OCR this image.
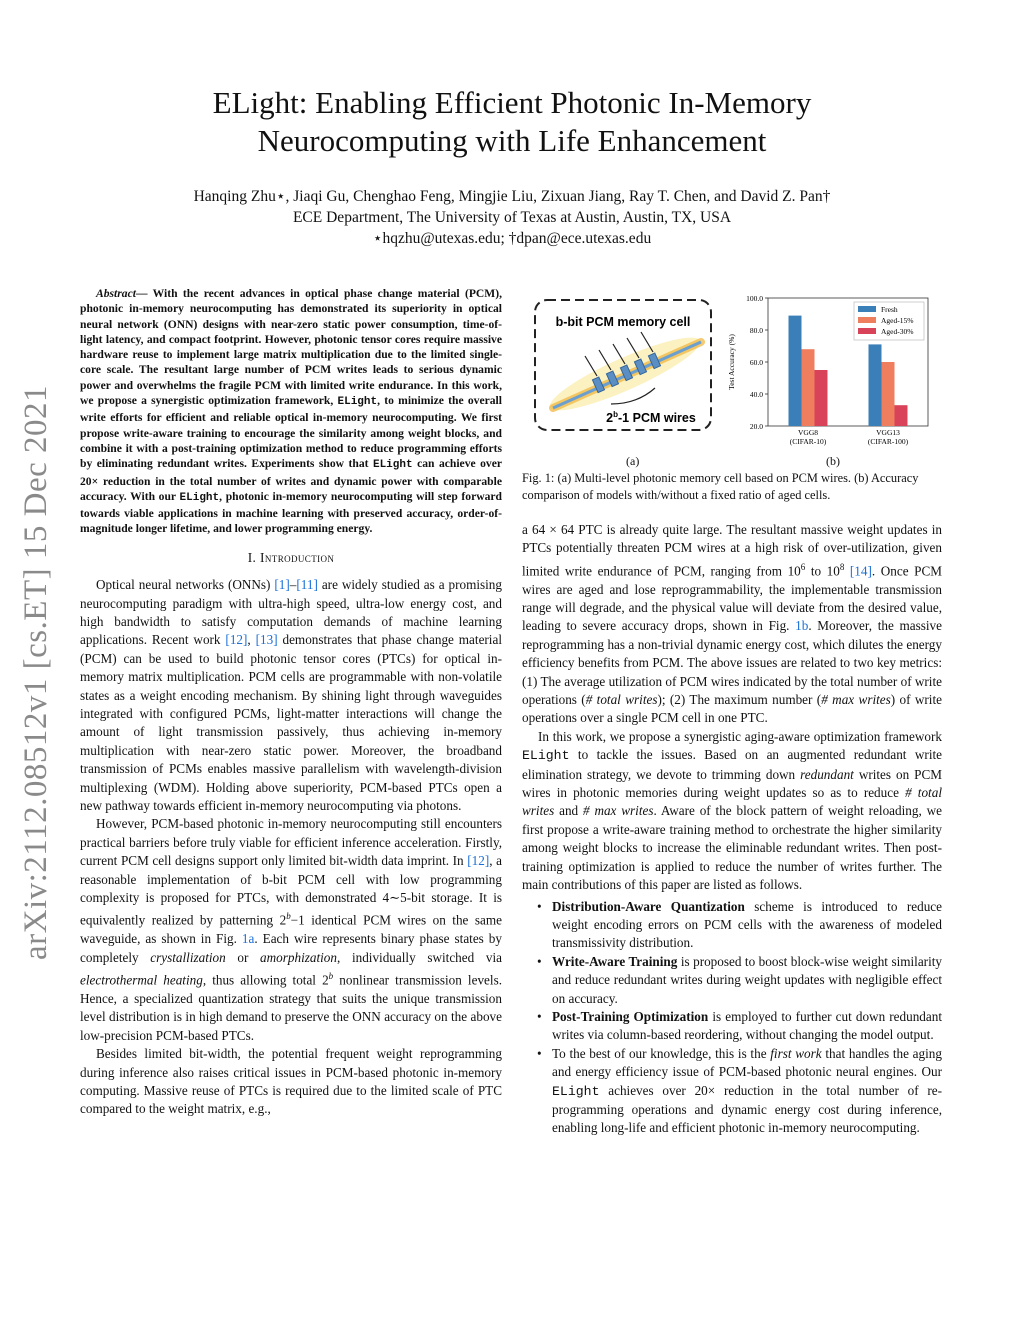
arXiv:2112.08512v1 [cs.ET] 15 Dec 2021
ELight: Enabling Efficient Photonic In-Memory
Neurocomputing with Life Enhancement
Hanqing Zhu⋆, Jiaqi Gu, Chenghao Feng, Mingjie Liu, Zixuan Jiang, Ray T. Chen, and David Z. Pan†
ECE Department, The University of Texas at Austin, Austin, TX, USA
⋆hqzhu@utexas.edu; †dpan@ece.utexas.edu

Abstract— With the recent advances in optical phase change material (PCM), photonic in-memory neurocomputing has demonstrated its superiority in optical neural network (ONN) designs with near-zero static power consumption, time-of-light latency, and compact footprint. However, photonic tensor cores require massive hardware reuse to implement large matrix multiplication due to the limited single-core scale. The resultant large number of PCM writes leads to serious dynamic power and overwhelms the fragile PCM with limited write endurance. In this work, we propose a synergistic optimization framework, ELight, to minimize the overall write efforts for efficient and reliable optical in-memory neurocomputing. We first propose write-aware training to encourage the similarity among weight blocks, and combine it with a post-training optimization method to reduce programming efforts by eliminating redundant writes. Experiments show that ELight can achieve over 20× reduction in the total number of writes and dynamic power with comparable accuracy. With our ELight, photonic in-memory neurocomputing will step forward towards viable applications in machine learning with preserved accuracy, order-of-magnitude longer lifetime, and lower programming energy.

I. Introduction

Optical neural networks (ONNs) [1]–[11] are widely studied as a promising neurocomputing paradigm with ultra-high speed, ultra-low energy cost, and high bandwidth to satisfy computation demands of machine learning applications. Recent work [12], [13] demonstrates that phase change material (PCM) can be used to build photonic tensor cores (PTCs) for optical in-memory matrix multiplication. PCM cells are programmable with non-volatile states as a weight encoding mechanism. By shining light through waveguides integrated with configured PCMs, light-matter interactions will change the amount of light transmission passively, thus achieving in-memory multiplication with near-zero static power. Moreover, the broadband transmission of PCMs enables massive parallelism with wavelength-division multiplexing (WDM). Holding above superiority, PCM-based PTCs open a new pathway towards efficient in-memory neurocomputing via photons.

However, PCM-based photonic in-memory neurocomputing still encounters practical barriers before truly viable for efficient inference acceleration. Firstly, current PCM cell designs support only limited bit-width data imprint. In [12], a reasonable implementation of b-bit PCM cell with low programming complexity is proposed for PTCs, with demonstrated 4∼5-bit storage. It is equivalently realized by patterning $2^b-1$ identical PCM wires on the same waveguide, as shown in Fig. 1a. Each wire represents binary phase states by completely crystallization or amorphization, individually switched via electrothermal heating, thus allowing total 2$^b$ nonlinear transmission levels. Hence, a specialized quantization strategy that suits the unique transmission level distribution is in high demand to preserve the ONN accuracy on the above low-precision PCM-based PTCs.

Besides limited bit-width, the potential frequent weight reprogramming during inference also raises critical issues in PCM-based photonic in-memory computing. Massive reuse of PTCs is required due to the limited scale of PTC compared to the weight matrix, e.g.,

b-bit PCM memory cell
2$^b$-1 PCM wires
20.0
40.0
60.0
80.0
100.0
Test Accuracy (%)
VGG8
(CIFAR-10)
VGG13
(CIFAR-100)
Fresh
Aged-15%
Aged-30%
(a)	(b)
Fig. 1: (a) Multi-level photonic memory cell based on PCM wires. (b) Accuracy comparison of models with/without a fixed ratio of aged cells.

a 64 × 64 PTC is already quite large. The resultant massive weight updates in PTCs potentially threaten PCM wires at a high risk of over-utilization, given limited write endurance of PCM, ranging from $10^6$ to $10^8$ [14]. Once PCM wires are aged and lose reprogrammability, the implementable transmission range will degrade, and the physical value will deviate from the desired value, leading to severe accuracy drops, shown in Fig. 1b. Moreover, the massive reprogramming has a non-trivial dynamic energy cost, which dilutes the energy efficiency benefits from PCM. The above issues are related to two key metrics: (1) The average utilization of PCM wires indicated by the total number of write operations (# total writes); (2) The maximum number (# max writes) of write operations over a single PCM cell in one PTC.

In this work, we propose a synergistic aging-aware optimization framework ELight to tackle the issues. Based on an augmented redundant write elimination strategy, we devote to trimming down redundant writes on PCM wires in photonic memories during weight updates so as to reduce # total writes and # max writes. Aware of the block pattern of weight reloading, we first propose a write-aware training method to orchestrate the higher similarity among weight blocks to increase the eliminable redundant writes. Then post-training optimization is applied to reduce the number of writes further. The main contributions of this paper are listed as follows.

• Distribution-Aware Quantization scheme is introduced to reduce weight encoding errors on PCM cells with the awareness of modeled transmissivity distribution.
• Write-Aware Training is proposed to boost block-wise weight similarity and reduce redundant writes during weight updates with negligible effect on accuracy.
• Post-Training Optimization is employed to further cut down redundant writes via column-based reordering, without changing the model output.
• To the best of our knowledge, this is the first work that handles the aging and energy efficiency issue of PCM-based photonic neural engines. Our ELight achieves over 20× reduction in the total number of re-programming operations and dynamic energy cost during inference, enabling long-life and efficient photonic in-memory neurocomputing.
